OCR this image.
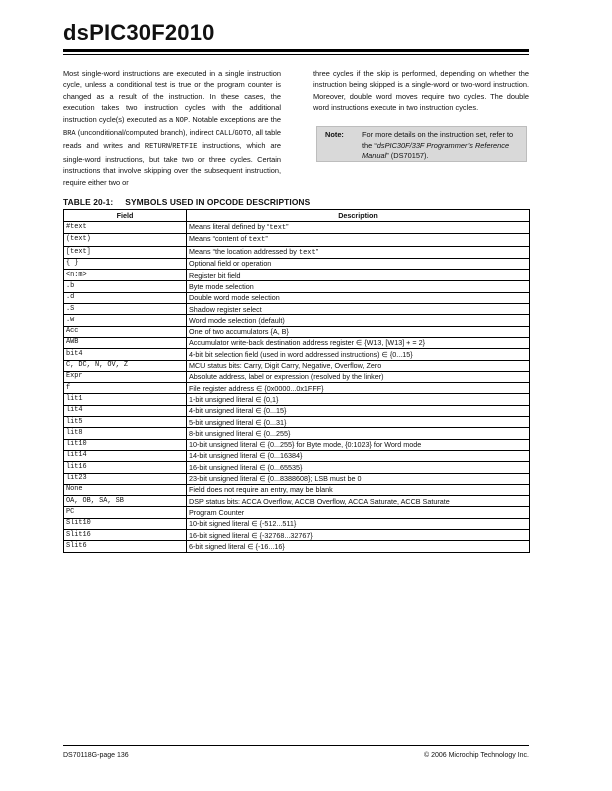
dsPIC30F2010
Most single-word instructions are executed in a single instruction cycle, unless a conditional test is true or the program counter is changed as a result of the instruction. In these cases, the execution takes two instruction cycles with the additional instruction cycle(s) executed as a NOP. Notable exceptions are the BRA (unconditional/computed branch), indirect CALL/GOTO, all table reads and writes and RETURN/RETFIE instructions, which are single-word instructions, but take two or three cycles. Certain instructions that involve skipping over the subsequent instruction, require either two or
three cycles if the skip is performed, depending on whether the instruction being skipped is a single-word or two-word instruction. Moreover, double word moves require two cycles. The double word instructions execute in two instruction cycles.
Note: For more details on the instruction set, refer to the “dsPIC30F/33F Programmer’s Reference Manual” (DS70157).
TABLE 20-1: SYMBOLS USED IN OPCODE DESCRIPTIONS
Field	Description
#text	Means literal defined by “text”
(text)	Means “content of text”
[text]	Means “the location addressed by text”
{ }	Optional field or operation
<n:m>	Register bit field
.b	Byte mode selection
.d	Double word mode selection
.S	Shadow register select
.w	Word mode selection (default)
Acc	One of two accumulators {A, B}
AWB	Accumulator write-back destination address register ∈ {W13, [W13] + = 2}
bit4	4-bit bit selection field (used in word addressed instructions) ∈ {0...15}
C, DC, N, OV, Z	MCU status bits: Carry, Digit Carry, Negative, Overflow, Zero
Expr	Absolute address, label or expression (resolved by the linker)
f	File register address ∈ {0x0000...0x1FFF}
lit1	1-bit unsigned literal ∈ {0,1}
lit4	4-bit unsigned literal ∈ {0...15}
lit5	5-bit unsigned literal ∈ {0...31}
lit8	8-bit unsigned literal ∈ {0...255}
lit10	10-bit unsigned literal ∈ {0...255} for Byte mode, {0:1023} for Word mode
lit14	14-bit unsigned literal ∈ {0...16384}
lit16	16-bit unsigned literal ∈ {0...65535}
lit23	23-bit unsigned literal ∈ {0...8388608}; LSB must be 0
None	Field does not require an entry, may be blank
OA, OB, SA, SB	DSP status bits: ACCA Overflow, ACCB Overflow, ACCA Saturate, ACCB Saturate
PC	Program Counter
Slit10	10-bit signed literal ∈ {-512...511}
Slit16	16-bit signed literal ∈ {-32768...32767}
Slit6	6-bit signed literal ∈ {-16...16}
DS70118G-page 136	© 2006 Microchip Technology Inc.
